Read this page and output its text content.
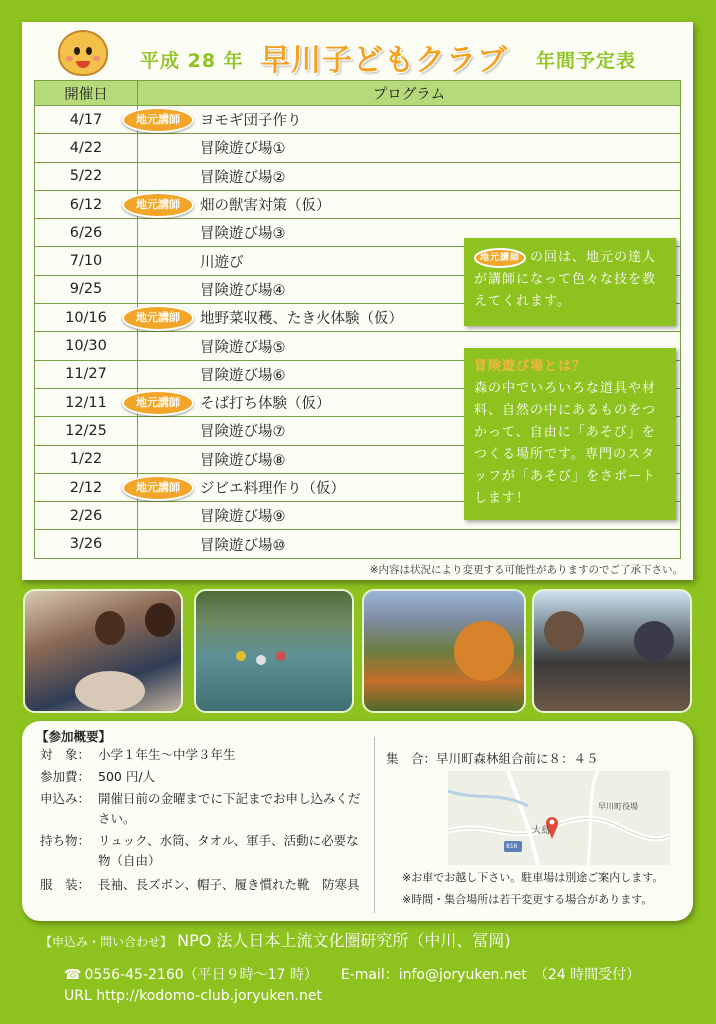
平成 28 年 早川子どもクラブ 年間予定表
開催日	プログラム
4/17	地元講師 ヨモギ団子作り
4/22	冒険遊び場①
5/22	冒険遊び場②
6/12	地元講師 畑の獣害対策（仮）
6/26	冒険遊び場③
7/10	川遊び
9/25	冒険遊び場④
10/16	地元講師 地野菜収穫、たき火体験（仮）
10/30	冒険遊び場⑤
11/27	冒険遊び場⑥
12/11	地元講師 そば打ち体験（仮）
12/25	冒険遊び場⑦
1/22	冒険遊び場⑧
2/12	地元講師 ジビエ料理作り（仮）
2/26	冒険遊び場⑨
3/26	冒険遊び場⑩
※内容は状況により変更する可能性がありますのでご了承下さい。
地元講師 の回は、地元の達人が講師になって色々な技を教えてくれます。
冒険遊び場とは？
森の中でいろいろな道具や材料、自然の中にあるものをつかって、自由に「あそび」をつくる場所です。専門のスタッフが「あそび」をさポートします！
【参加概要】
対　象： 小学１年生〜中学３年生
参加費： 500 円/人
申込み： 開催日前の金曜までに下記までお申し込みください。
持ち物： リュック、水筒、タオル、軍手、活動に必要な物（自由）
服　装： 長袖、長ズボン、帽子、履き慣れた靴　防寒具
集　合：早川町森林組合前に８：４５
早川町役場
大島
816
※お車でお越し下さい。駐車場は別途ご案内します。
※時間・集合場所は若干変更する場合があります。
【申込み・問い合わせ】 NPO 法人日本上流文化圏研究所（中川、冨岡)
☎ 0556-45-2160（平日９時〜17 時） E-mail：info@joryuken.net　（24 時間受付）
URL http://kodomo-club.joryuken.net
